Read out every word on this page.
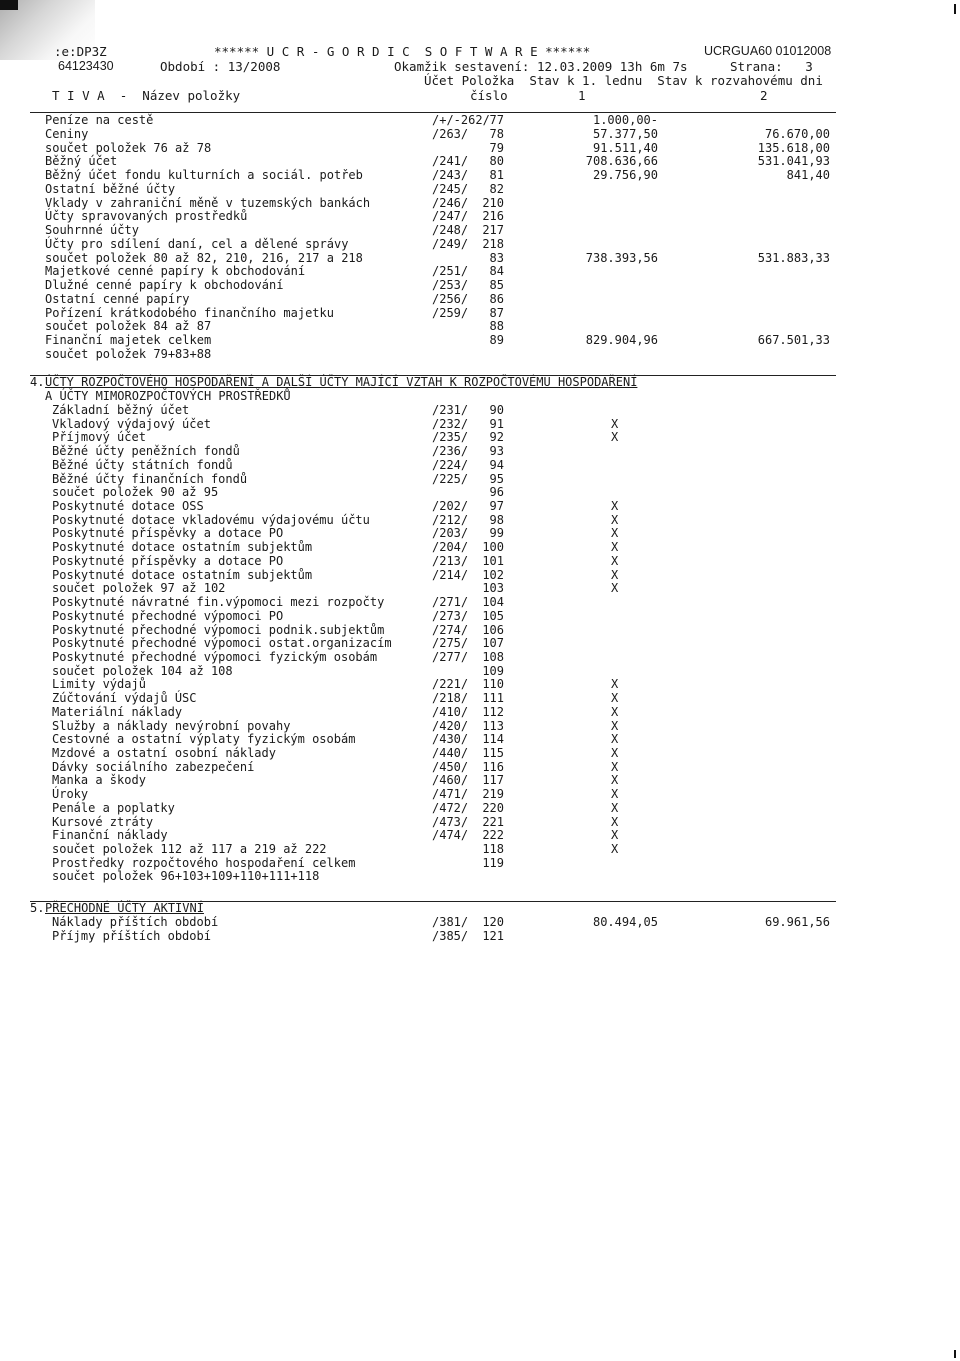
:e:DP3Z	****** U C R - G O R D I C  S O F T W A R E ******	UCRGUA60 01012008
64123430	Období : 13/2008	Okamžik sestavení: 12.03.2009 13h 6m 7s	Strana:   3
Účet Položka  Stav k 1. lednu  Stav k rozvahovému dni
T I V A  -  Název položky	číslo	1	2
Peníze na cestě	/+/-262/ 77	1.000,00-
Ceniny	/263/	78	57.377,50	76.670,00
součet položek 76 až 78	79	91.511,40	135.618,00
Běžný účet	/241/	80	708.636,66	531.041,93
Běžný účet fondu kulturních a sociál. potřeb	/243/	81	29.756,90	841,40
Ostatní běžné účty	/245/	82
Vklady v zahraniční měně v tuzemských bankách	/246/	210
Účty spravovaných prostředků	/247/	216
Souhrnné účty	/248/	217
Účty pro sdílení daní, cel a dělené správy	/249/	218
součet položek 80 až 82, 210, 216, 217 a 218	83	738.393,56	531.883,33
Majetkové cenné papíry k obchodování	/251/	84
Dlužné cenné papíry k obchodování	/253/	85
Ostatní cenné papíry	/256/	86
Pořízení krátkodobého finančního majetku	/259/	87
součet položek 84 až 87	88
Finanční majetek celkem	89	829.904,96	667.501,33
součet položek 79+83+88
4. ÚČTY ROZPOČTOVÉHO HOSPODAŘENÍ A DALŠÍ ÚČTY MAJÍCÍ VZTAH K ROZPOČTOVÉMU HOSPODAŘENÍ
A ÚČTY MIMOROZPOČTOVÝCH PROSTŘEDKŮ
Základní běžný účet	/231/	90
Vkladový výdajový účet	/232/	91	X
Příjmový účet	/235/	92	X
Běžné účty peněžních fondů	/236/	93
Běžné účty státních fondů	/224/	94
Běžné účty finančních fondů	/225/	95
součet položek 90 až 95	96
Poskytnuté dotace OSS	/202/	97	X
Poskytnuté dotace vkladovému výdajovému účtu	/212/	98	X
Poskytnuté příspěvky a dotace PO	/203/	99	X
Poskytnuté dotace ostatním subjektům	/204/	100	X
Poskytnuté příspěvky a dotace PO	/213/	101	X
Poskytnuté dotace ostatním subjektům	/214/	102	X
součet položek 97 až 102	103	X
Poskytnuté návratné fin.výpomoci mezi rozpočty	/271/	104
Poskytnuté přechodné výpomoci PO	/273/	105
Poskytnuté přechodné výpomoci podnik.subjektům	/274/	106
Poskytnuté přechodné výpomoci ostat.organizacím	/275/	107
Poskytnuté přechodné výpomoci fyzickým osobám	/277/	108
součet položek 104 až 108	109
Limity výdajů	/221/	110	X
Zúčtování výdajů ÚSC	/218/	111	X
Materiální náklady	/410/	112	X
Služby a náklady nevýrobní povahy	/420/	113	X
Cestovné a ostatní výplaty fyzickým osobám	/430/	114	X
Mzdové a ostatní osobní náklady	/440/	115	X
Dávky sociálního zabezpečení	/450/	116	X
Manka a škody	/460/	117	X
Úroky	/471/	219	X
Penále a poplatky	/472/	220	X
Kursové ztráty	/473/	221	X
Finanční náklady	/474/	222	X
součet položek 112 až 117 a 219 až 222	118	X
Prostředky rozpočtového hospodaření celkem	119
součet položek 96+103+109+110+111+118
5. PŘECHODNÉ ÚČTY AKTIVNÍ
Náklady příštích období	/381/	120	80.494,05	69.961,56
Příjmy příštích období	/385/	121
